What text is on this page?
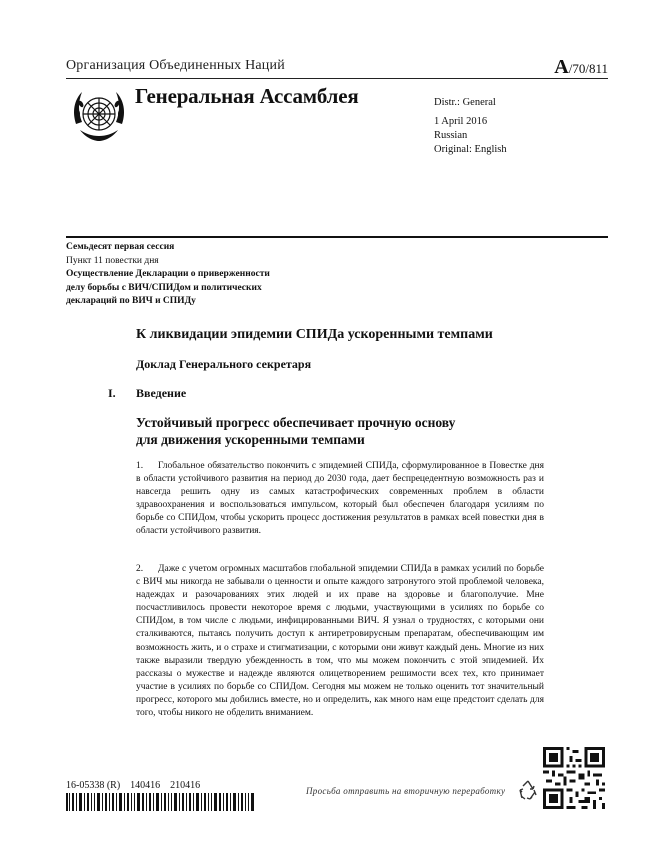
Организация Объединенных Наций	A/70/811
Генеральная Ассамблея	Distr.: General
1 April 2016
Russian
Original: English
Семьдесят первая сессия
Пункт 11 повестки дня
Осуществление Декларации о приверженности
делу борьбы с ВИЧ/СПИДом и политических
деклараций по ВИЧ и СПИДу
К ликвидации эпидемии СПИДа ускоренными темпами
Доклад Генерального секретаря
I. Введение
Устойчивый прогресс обеспечивает прочную основу
для движения ускоренными темпами
1. Глобальное обязательство покончить с эпидемией СПИДа, сформулированное в Повестке дня в области устойчивого развития на период до 2030 года, дает беспрецедентную возможность раз и навсегда решить одну из самых катастрофических современных проблем в области здравоохранения и воспользоваться импульсом, который был обеспечен благодаря усилиям по борьбе со СПИДом, чтобы ускорить процесс достижения результатов в рамках всей повестки дня в области устойчивого развития.
2. Даже с учетом огромных масштабов глобальной эпидемии СПИДа в рамках усилий по борьбе с ВИЧ мы никогда не забывали о ценности и опыте каждого затронутого этой проблемой человека, надеждах и разочарованиях этих людей и их праве на здоровье и благополучие. Мне посчастливилось провести некоторое время с людьми, участвующими в усилиях по борьбе со СПИДом, в том числе с людьми, инфицированными ВИЧ. Я узнал о трудностях, с которыми они сталкиваются, пытаясь получить доступ к антиретровирусным препаратам, обеспечивающим им возможность жить, и о страхе и стигматизации, с которыми они живут каждый день. Многие из них также выразили твердую убежденность в том, что мы можем покончить с этой эпидемией. Их рассказы о мужестве и надежде являются олицетворением решимости всех тех, кто принимает участие в усилиях по борьбе со СПИДом. Сегодня мы можем не только оценить тот значительный прогресс, которого мы добились вместе, но и определить, как много нам еще предстоит сделать для того, чтобы никого не обделить вниманием.
16-05338 (R)    140416    210416	Просьба отправить на вторичную переработку
